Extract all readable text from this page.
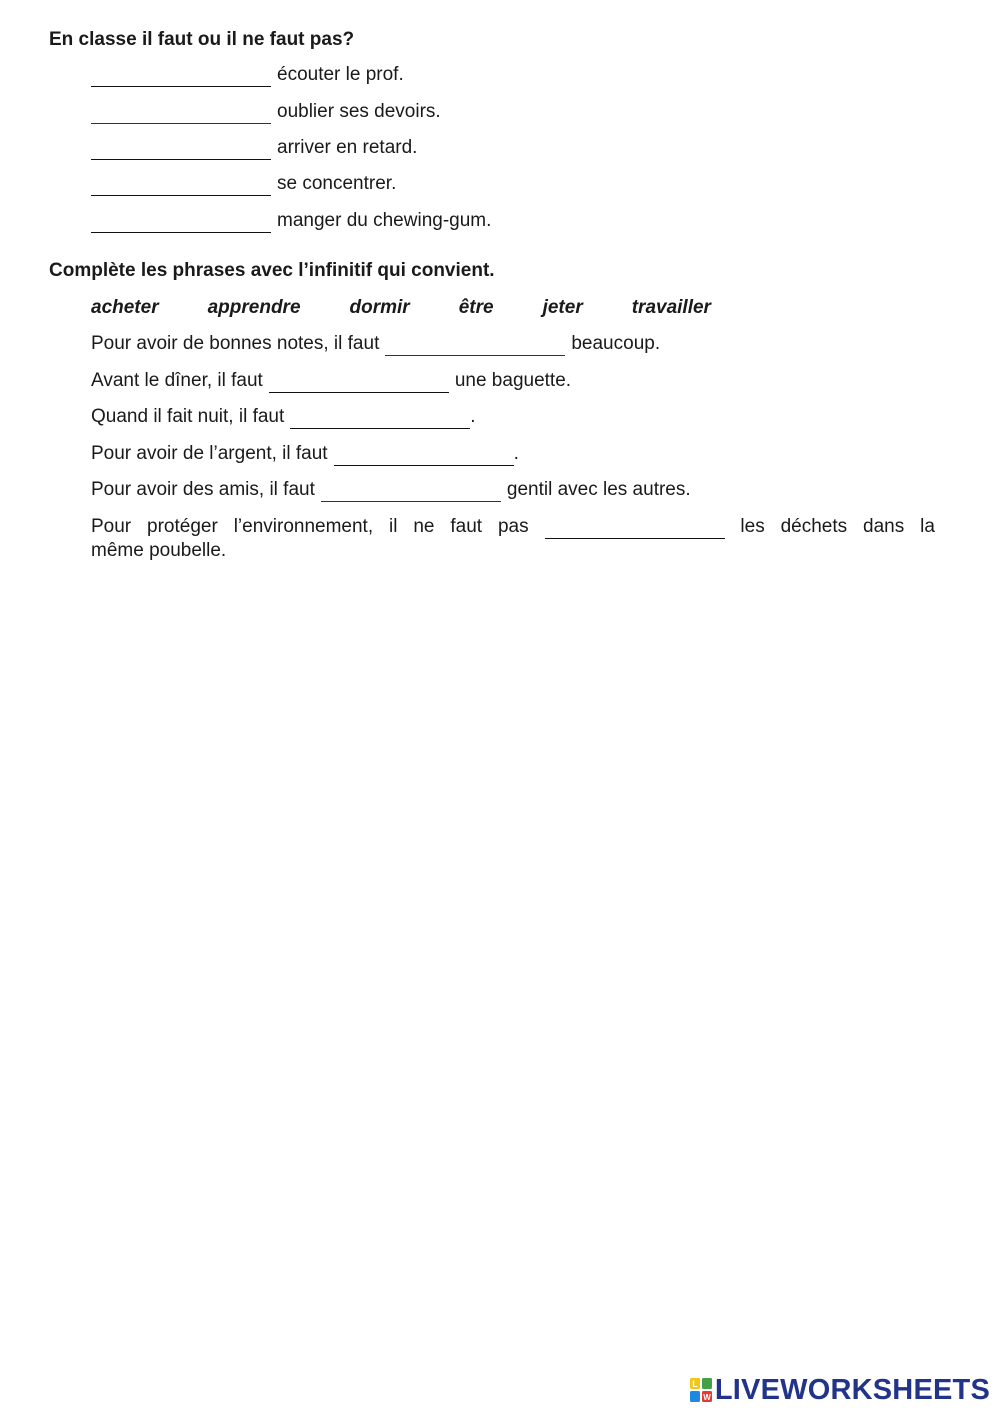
En classe il faut ou il ne faut pas?
écouter le prof.
oublier ses devoirs.
arriver en retard.
se concentrer.
manger du chewing-gum.
Complète les phrases avec l’infinitif qui convient.
acheter	apprendre	dormir	être	jeter	travailler
Pour avoir de bonnes notes, il faut	beaucoup.
Avant le dîner, il faut	une baguette.
Quand il fait nuit, il faut	.
Pour avoir de l’argent, il faut	.
Pour avoir des amis, il faut	gentil avec les autres.
Pour protéger l’environnement, il ne faut pas	les déchets dans la
même poubelle.
L
W LIVEWORKSHEETS
